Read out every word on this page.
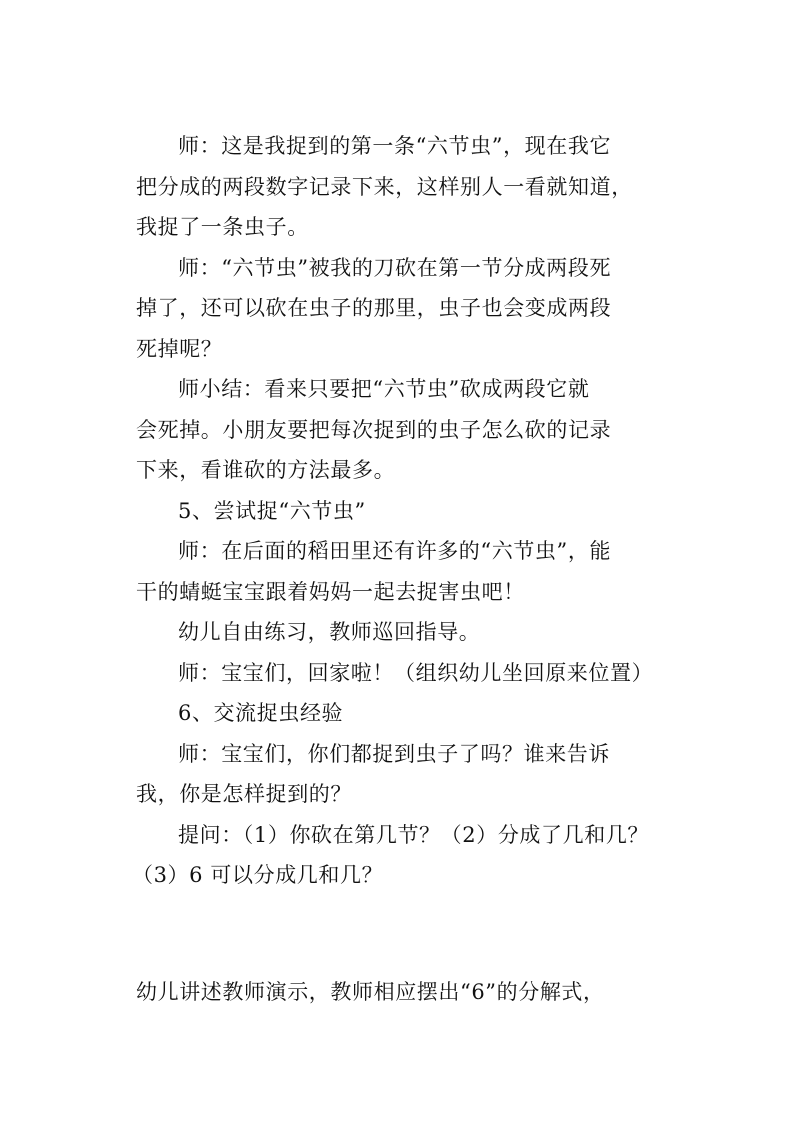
师：这是我捉到的第一条“六节虫”，现在我它
把分成的两段数字记录下来，这样别人一看就知道，
我捉了一条虫子。

师：“六节虫”被我的刀砍在第一节分成两段死
掉了，还可以砍在虫子的那里，虫子也会变成两段
死掉呢？

师小结：看来只要把“六节虫”砍成两段它就
会死掉。小朋友要把每次捉到的虫子怎么砍的记录
下来，看谁砍的方法最多。

5、尝试捉“六节虫”

师：在后面的稻田里还有许多的“六节虫”，能
干的蜻蜓宝宝跟着妈妈一起去捉害虫吧！

幼儿自由练习，教师巡回指导。

师：宝宝们，回家啦！（组织幼儿坐回原来位置）

6、交流捉虫经验

师：宝宝们，你们都捉到虫子了吗？谁来告诉
我，你是怎样捉到的？

提问：（1）你砍在第几节？（2）分成了几和几？
（3）6 可以分成几和几？

幼儿讲述教师演示，教师相应摆出“6”的分解式，
